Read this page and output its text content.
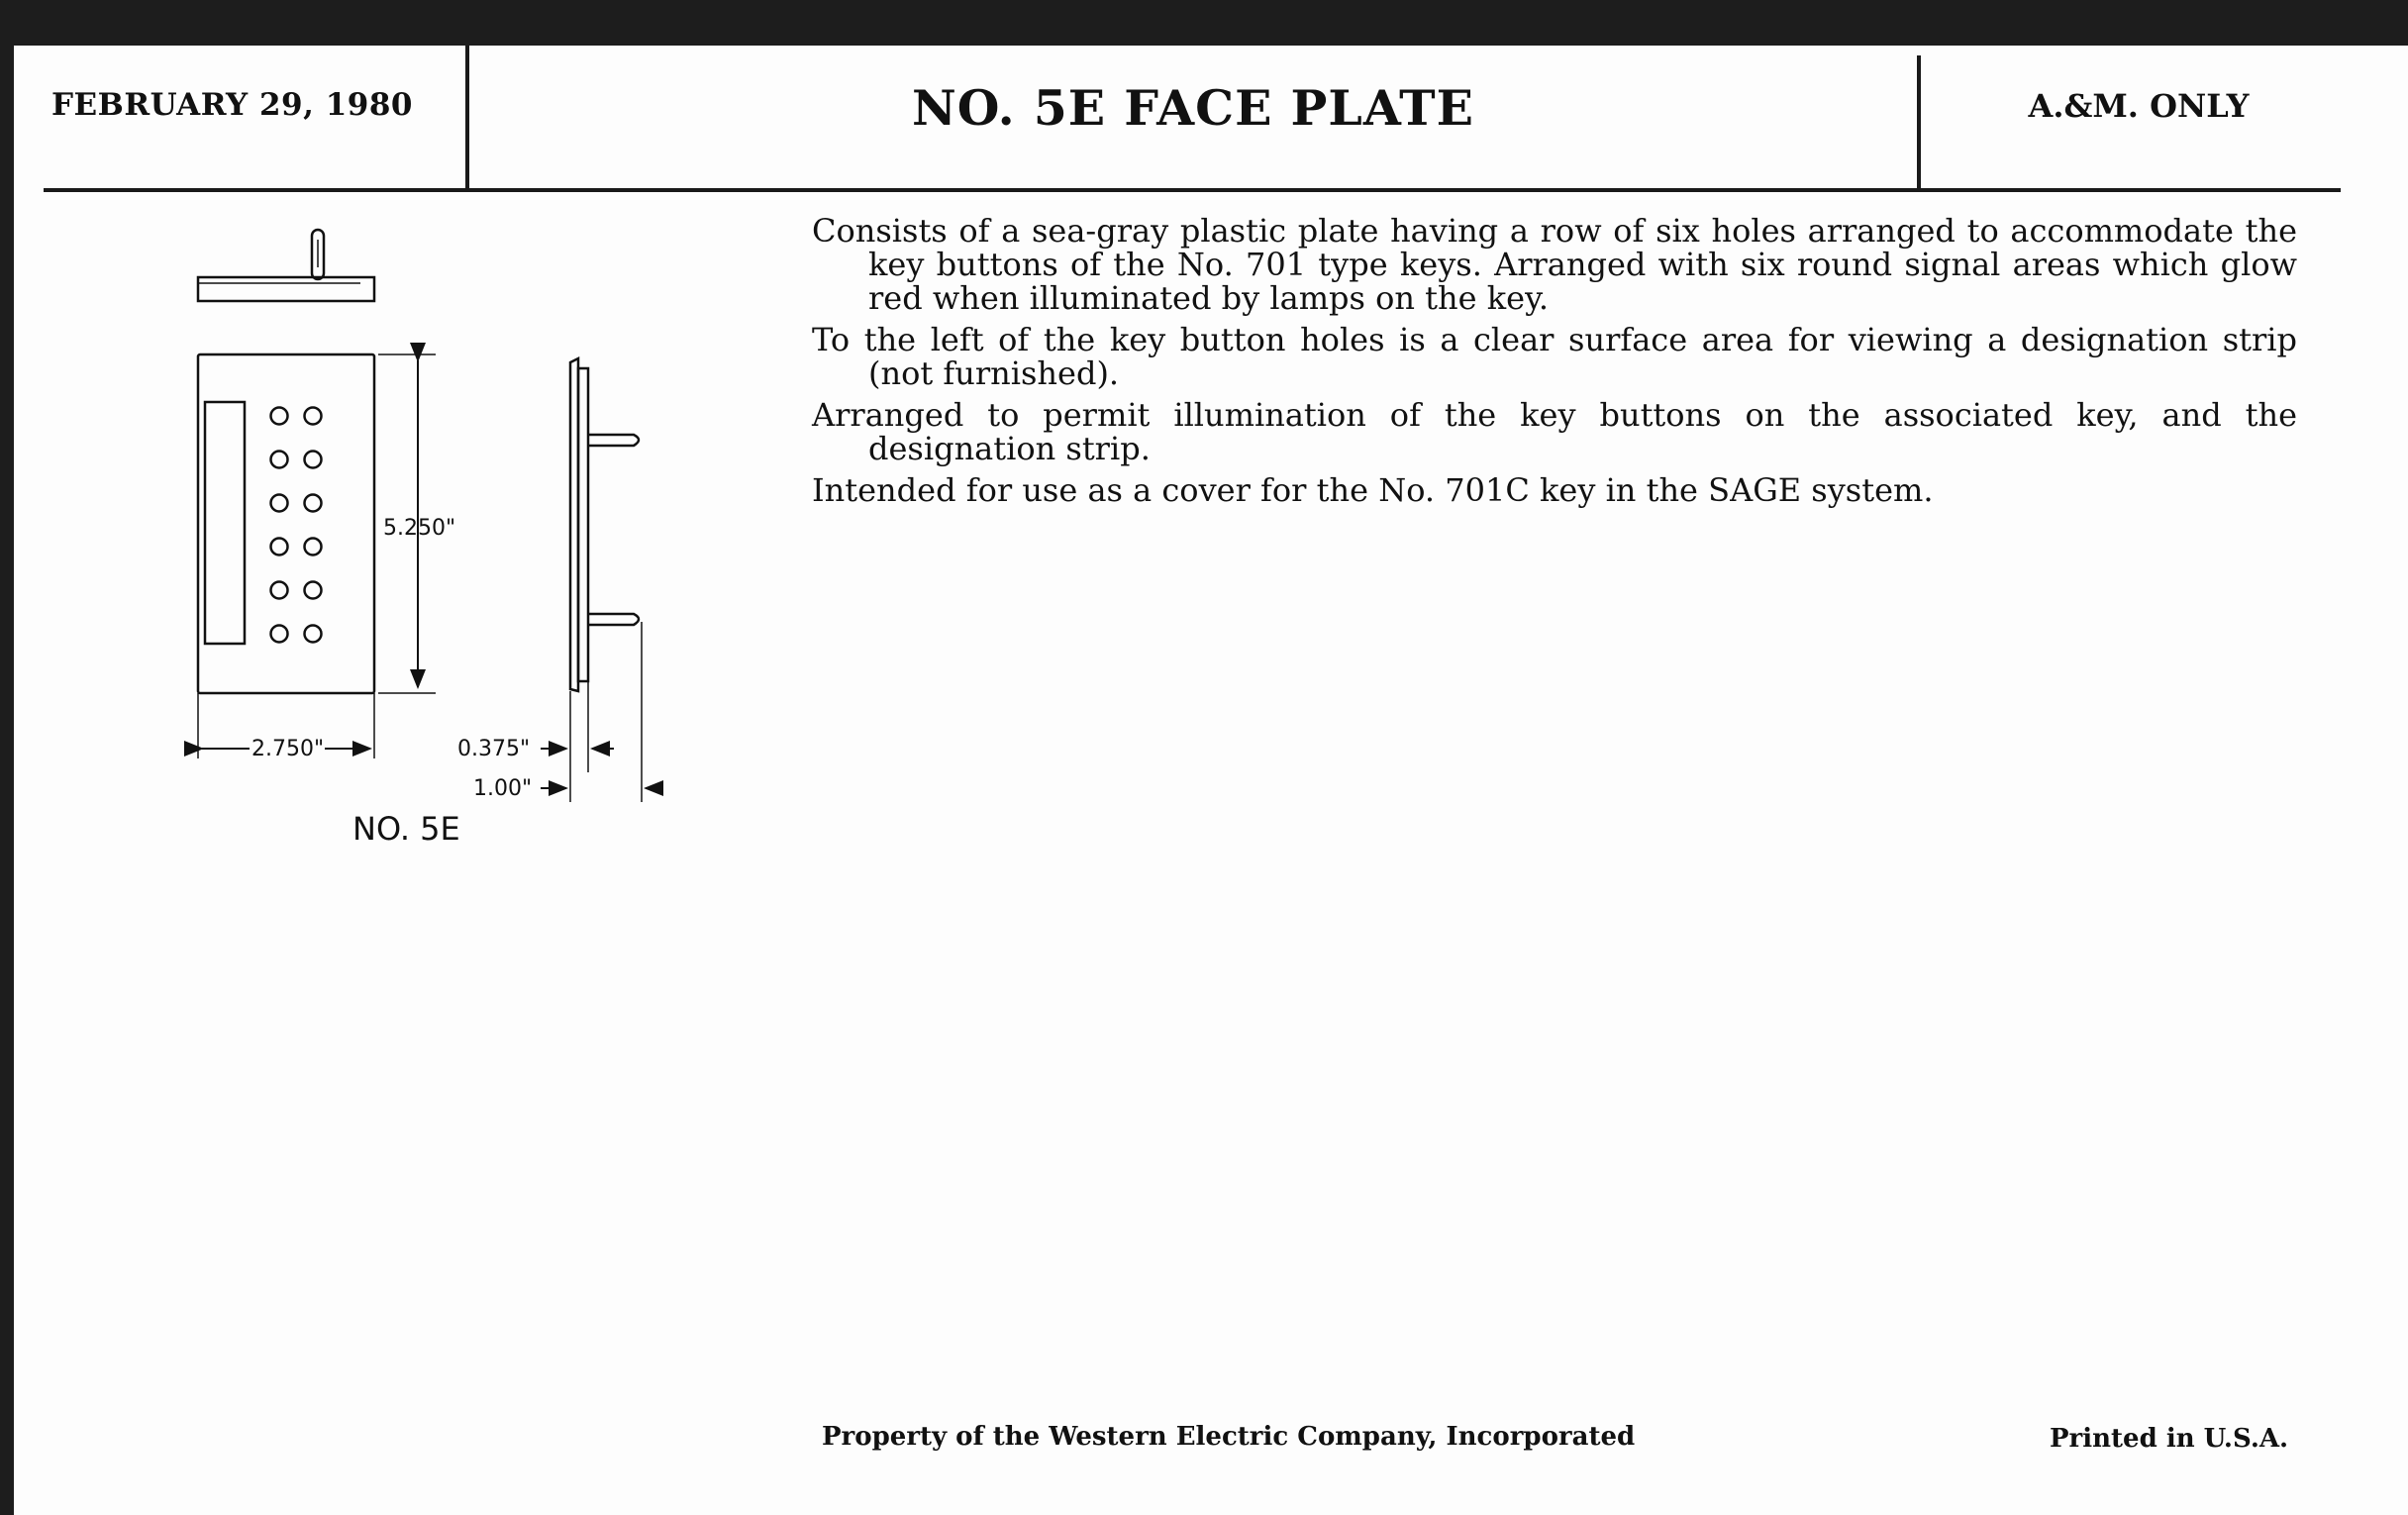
FEBRUARY 29, 1980	NO. 5E FACE PLATE	A.&M. ONLY

Consists of a sea-gray plastic plate having a row of six holes arranged to accommodate the key buttons of the No. 701 type keys. Arranged with six round signal areas which glow red when illuminated by lamps on the key.

To the left of the key button holes is a clear surface area for viewing a designation strip (not furnished).

Arranged to permit illumination of the key buttons on the associated key, and the designation strip.

Intended for use as a cover for the No. 701C key in the SAGE system.

5.250"
2.750"	0.375"
1.00"
NO. 5E
Property of the Western Electric Company, Incorporated	Printed in U.S.A.
